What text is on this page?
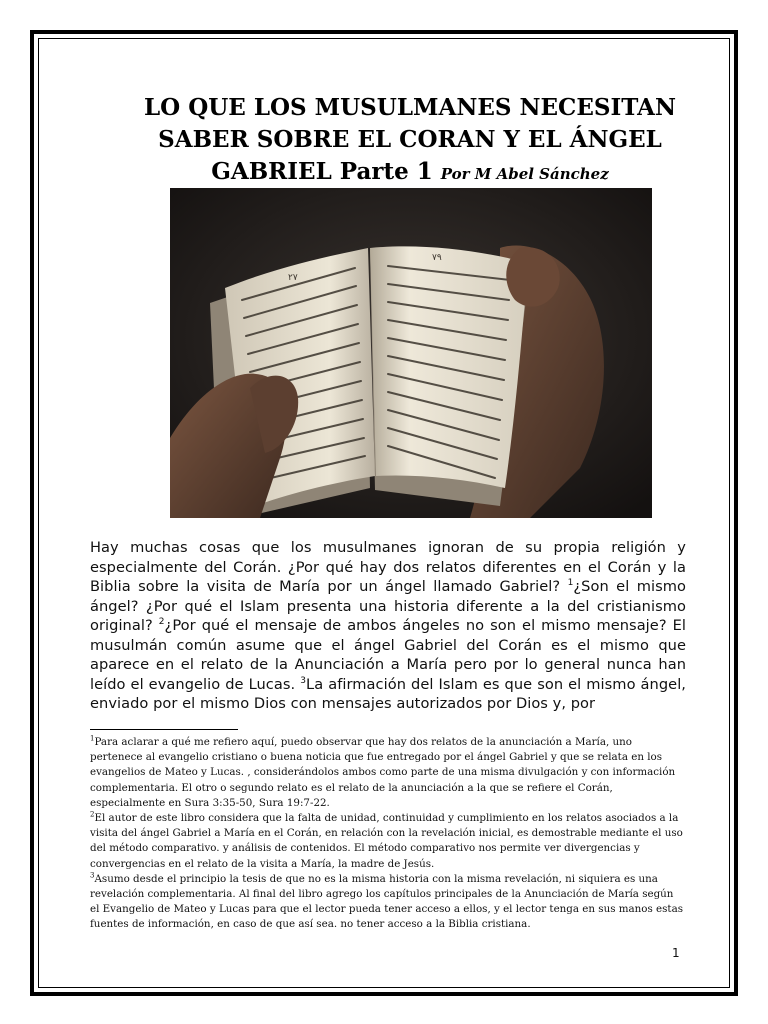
LO QUE LOS MUSULMANES NECESITAN SABER SOBRE EL CORAN Y EL ÁNGEL GABRIEL Parte 1 Por M Abel Sánchez
٢٧
٧٩
Hay muchas cosas que los musulmanes ignoran de su propia religión y especialmente del Corán. ¿Por qué hay dos relatos diferentes en el Corán y la Biblia sobre la visita de María por un ángel llamado Gabriel? $^1$¿Son el mismo ángel? ¿Por qué el Islam presenta una historia diferente a la del cristianismo original? $^2$¿Por qué el mensaje de ambos ángeles no son el mismo mensaje? El musulmán común asume que el ángel Gabriel del Corán es el mismo que aparece en el relato de la Anunciación a María pero por lo general nunca han leído el evangelio de Lucas. $^3$La afirmación del Islam es que son el mismo ángel, enviado por el mismo Dios con mensajes autorizados por Dios y, por

$^1$Para aclarar a qué me refiero aquí, puedo observar que hay dos relatos de la anunciación a María, uno pertenece al evangelio cristiano o buena noticia que fue entregado por el ángel Gabriel y que se relata en los evangelios de Mateo y Lucas. , considerándolos ambos como parte de una misma divulgación y con información complementaria. El otro o segundo relato es el relato de la anunciación a la que se refiere el Corán, especialmente en Sura 3:35-50, Sura 19:7-22.

$^2$El autor de este libro considera que la falta de unidad, continuidad y cumplimiento en los relatos asociados a la visita del ángel Gabriel a María en el Corán, en relación con la revelación inicial, es demostrable mediante el uso del método comparativo. y análisis de contenidos. El método comparativo nos permite ver divergencias y convergencias en el relato de la visita a María, la madre de Jesús.

$^3$Asumo desde el principio la tesis de que no es la misma historia con la misma revelación, ni siquiera es una revelación complementaria. Al final del libro agrego los capítulos principales de la Anunciación de María según el Evangelio de Mateo y Lucas para que el lector pueda tener acceso a ellos, y el lector tenga en sus manos estas fuentes de información, en caso de que así sea. no tener acceso a la Biblia cristiana.

1
